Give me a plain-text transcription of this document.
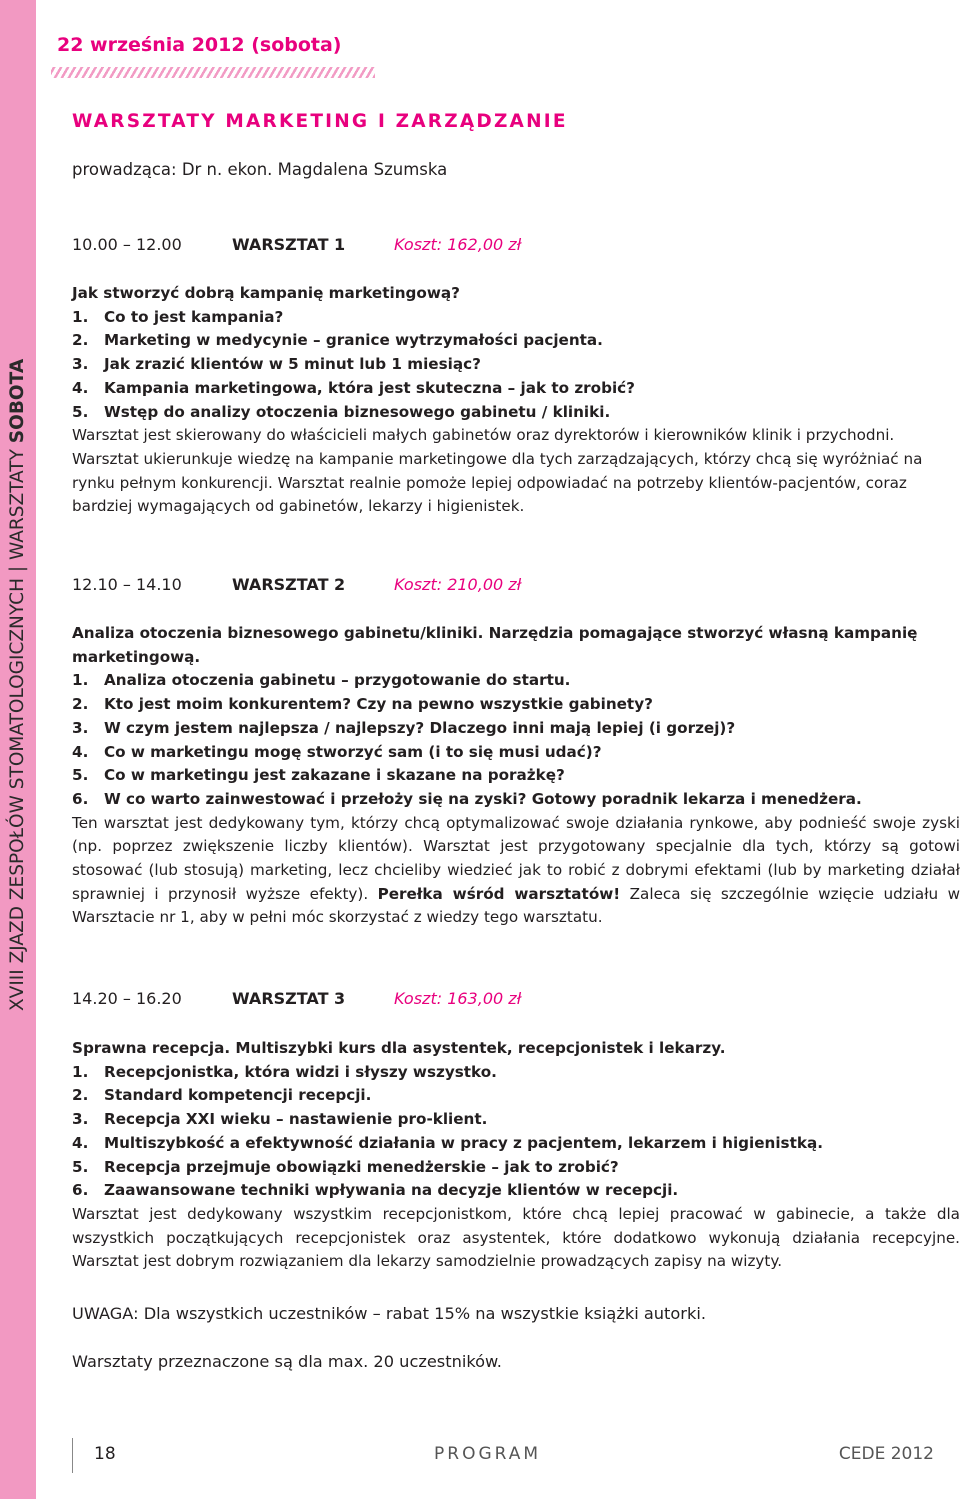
XVIII ZJAZD ZESPOŁÓW STOMATOLOGICZNYCH | WARSZTATY SOBOTA
22 września 2012 (sobota)
WARSZTATY MARKETING I ZARZĄDZANIE

prowadząca: Dr n. ekon. Magdalena Szumska

10.00 – 12.00	WARSZTAT 1	Koszt: 162,00 zł
Jak stworzyć dobrą kampanię marketingową?
1. Co to jest kampania?
2. Marketing w medycynie – granice wytrzymałości pacjenta.
3. Jak zrazić klientów w 5 minut lub 1 miesiąc?
4. Kampania marketingowa, która jest skuteczna – jak to zrobić?
5. Wstęp do analizy otoczenia biznesowego gabinetu / kliniki.

Warsztat jest skierowany do właścicieli małych gabinetów oraz dyrektorów i kierowników klinik i przychodni. Warsztat ukierunkuje wiedzę na kampanie marketingowe dla tych zarządzających, którzy chcą się wyróżniać na rynku pełnym konkurencji. Warsztat realnie pomoże lepiej odpowiadać na potrzeby klientów-pacjentów, coraz bardziej wymagających od gabinetów, lekarzy i higienistek.

12.10 – 14.10	WARSZTAT 2	Koszt: 210,00 zł
Analiza otoczenia biznesowego gabinetu/kliniki. Narzędzia pomagające stworzyć własną kampanię marketingową.
1. Analiza otoczenia gabinetu – przygotowanie do startu.
2. Kto jest moim konkurentem? Czy na pewno wszystkie gabinety?
3. W czym jestem najlepsza / najlepszy? Dlaczego inni mają lepiej (i gorzej)?
4. Co w marketingu mogę stworzyć sam (i to się musi udać)?
5. Co w marketingu jest zakazane i skazane na porażkę?
6. W co warto zainwestować i przełoży się na zyski? Gotowy poradnik lekarza i menedżera.

Ten warsztat jest dedykowany tym, którzy chcą optymalizować swoje działania rynkowe, aby podnieść swoje zyski (np. poprzez zwiększenie liczby klientów). Warsztat jest przygotowany specjalnie dla tych, którzy są gotowi stosować (lub stosują) marketing, lecz chcieliby wiedzieć jak to robić z dobrymi efektami (lub by marketing działał sprawniej i przynosił wyższe efekty). Perełka wśród warsztatów! Zaleca się szczególnie wzięcie udziału w Warsztacie nr 1, aby w pełni móc skorzystać z wiedzy tego warsztatu.

14.20 – 16.20	WARSZTAT 3	Koszt: 163,00 zł
Sprawna recepcja. Multiszybki kurs dla asystentek, recepcjonistek i lekarzy.
1. Recepcjonistka, która widzi i słyszy wszystko.
2. Standard kompetencji recepcji.
3. Recepcja XXI wieku – nastawienie pro-klient.
4. Multiszybkość a efektywność działania w pracy z pacjentem, lekarzem i higienistką.
5. Recepcja przejmuje obowiązki menedżerskie – jak to zrobić?
6. Zaawansowane techniki wpływania na decyzje klientów w recepcji.

Warsztat jest dedykowany wszystkim recepcjonistkom, które chcą lepiej pracować w gabinecie, a także dla wszystkich początkujących recepcjonistek oraz asystentek, które dodatkowo wykonują działania recepcyjne. Warsztat jest dobrym rozwiązaniem dla lekarzy samodzielnie prowadzących zapisy na wizyty.

UWAGA: Dla wszystkich uczestników – rabat 15% na wszystkie książki autorki.

Warsztaty przeznaczone są dla max. 20 uczestników.

18	PROGRAM	CEDE 2012
